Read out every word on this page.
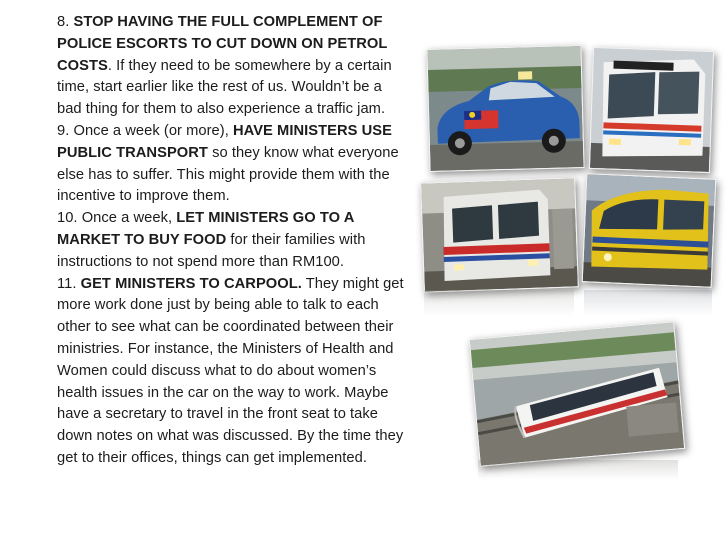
8. STOP HAVING THE FULL COMPLEMENT OF POLICE ESCORTS TO CUT DOWN ON PETROL COSTS. If they need to be somewhere by a certain time, start earlier like the rest of us. Wouldn’t be a bad thing for them to also experience a traffic jam.

9. Once a week (or more), HAVE MINISTERS USE PUBLIC TRANSPORT so they know what everyone else has to suffer. This might provide them with the incentive to improve them.

10. Once a week, LET MINISTERS GO TO A MARKET TO BUY FOOD for their families with instructions to not spend more than RM100.

11. GET MINISTERS TO CARPOOL. They might get more work done just by being able to talk to each other to see what can be coordinated between their ministries. For instance, the Ministers of Health and Women could discuss what to do about women’s health issues in the car on the way to work. Maybe have a secretary to travel in the front seat to take down notes on what was discussed. By the time they get to their offices, things can get implemented.
